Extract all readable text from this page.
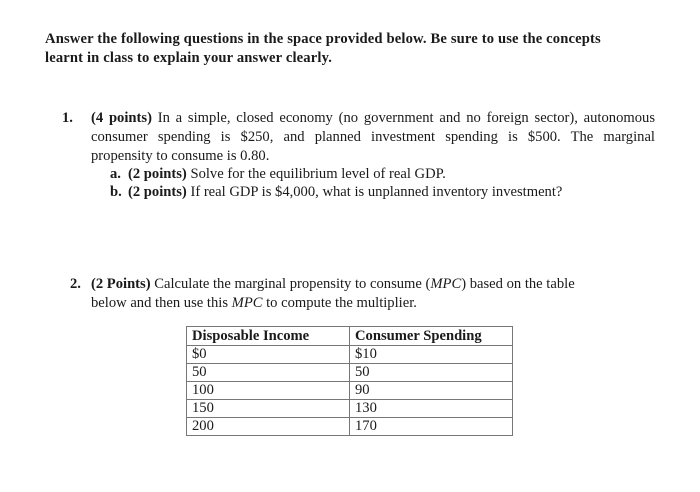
Answer the following questions in the space provided below. Be sure to use the concepts
learnt in class to explain your answer clearly.
1. (4 points) In a simple, closed economy (no government and no foreign sector), autonomous
consumer spending is $250, and planned investment spending is $500. The marginal
propensity to consume is 0.80.
a. (2 points) Solve for the equilibrium level of real GDP.
b. (2 points) If real GDP is $4,000, what is unplanned inventory investment?
2. (2 Points) Calculate the marginal propensity to consume (MPC) based on the table
below and then use this MPC to compute the multiplier.
Disposable Income	Consumer Spending
$0	$10
50	50
100	90
150	130
200	170
